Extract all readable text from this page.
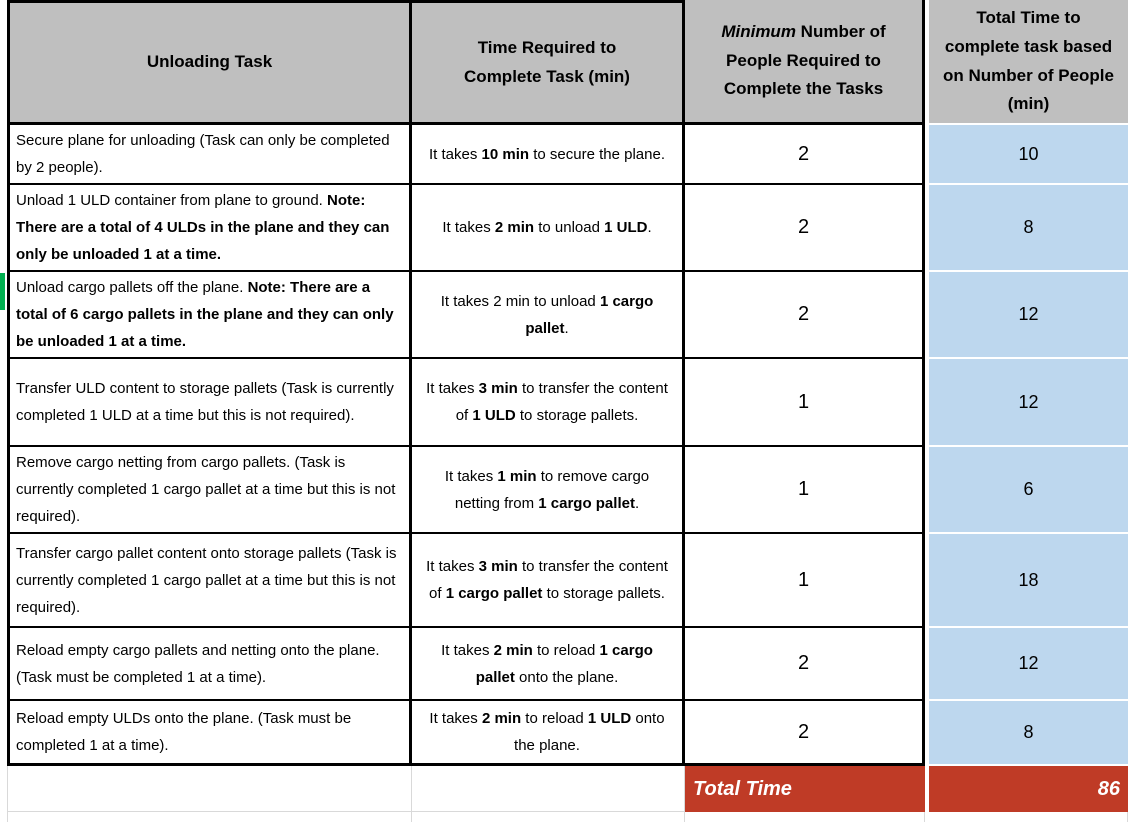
Unloading Task	Time Required to Complete Task (min)	Minimum Number of People Required to Complete the Tasks	Total Time to complete task based on Number of People (min)
Secure plane for unloading (Task can only be completed by 2 people).	It takes 10 min to secure the plane.	2	10
Unload 1 ULD container from plane to ground. Note: There are a total of 4 ULDs in the plane and they can only be unloaded 1 at a time.	It takes 2 min to unload 1 ULD.	2	8
Unload cargo pallets off the plane. Note: There are a total of 6 cargo pallets in the plane and they can only be unloaded 1 at a time.	It takes 2 min to unload 1 cargo pallet.	2	12
Transfer ULD content to storage pallets (Task is currently completed 1 ULD at a time but this is not required).	It takes 3 min to transfer the content of 1 ULD to storage pallets.	1	12
Remove cargo netting from cargo pallets. (Task is currently completed 1 cargo pallet at a time but this is not required).	It takes 1 min to remove cargo netting from 1 cargo pallet.	1	6
Transfer cargo pallet content onto storage pallets (Task is currently completed 1 cargo pallet at a time but this is not required).	It takes 3 min to transfer the content of 1 cargo pallet to storage pallets.	1	18
Reload empty cargo pallets and netting onto the plane. (Task must be completed 1 at a time).	It takes 2 min to reload 1 cargo pallet onto the plane.	2	12
Reload empty ULDs onto the plane. (Task must be completed 1 at a time).	It takes 2 min to reload 1 ULD onto the plane.	2	8
		Total Time	86
